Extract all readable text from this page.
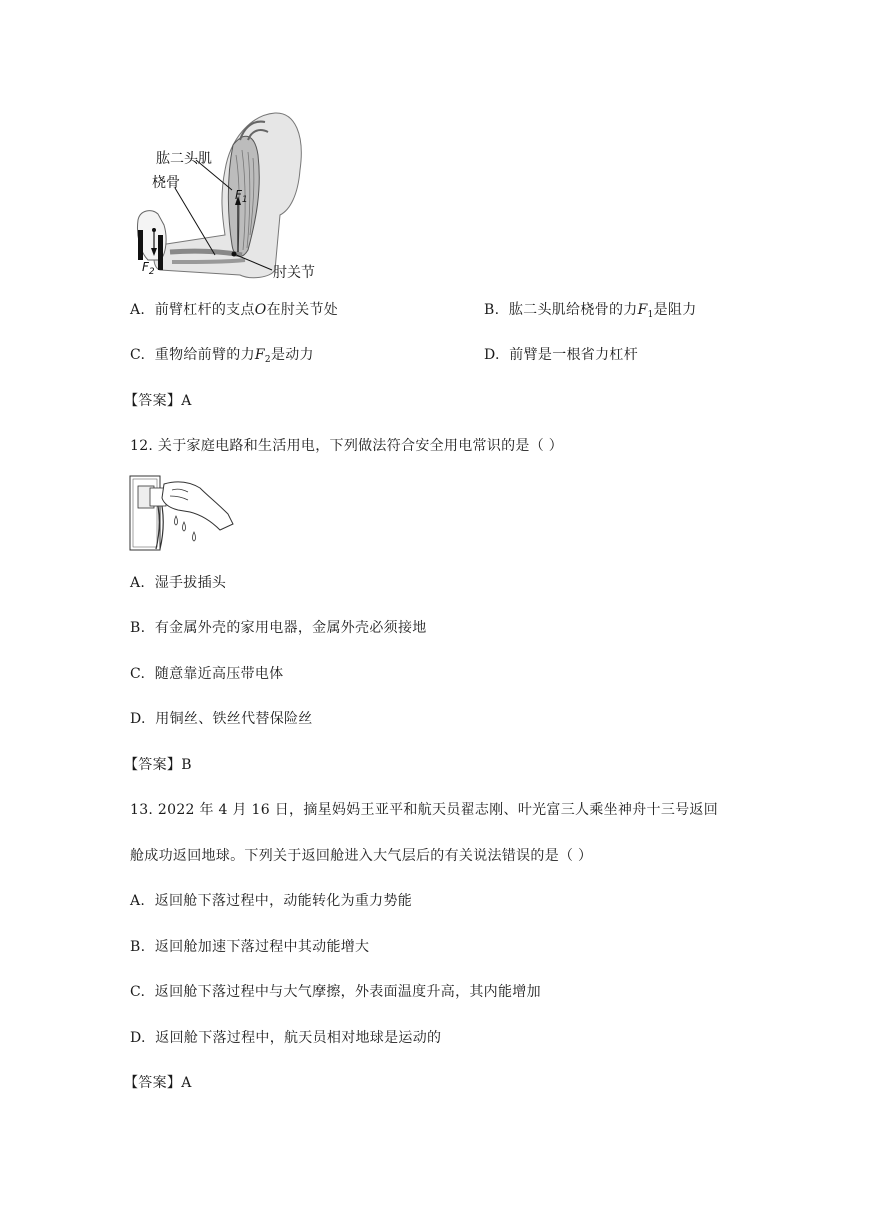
肱二头肌
桡骨
肘关节
$F_1$
$F_2$
A. 前臂杠杆的支点O在肘关节处	B. 肱二头肌给桡骨的力$F_1$是阻力
C. 重物给前臂的力$F_2$是动力	D. 前臂是一根省力杠杆
【答案】A
12. 关于家庭电路和生活用电，下列做法符合安全用电常识的是（ ）
A. 湿手拔插头
B. 有金属外壳的家用电器，金属外壳必须接地
C. 随意靠近高压带电体
D. 用铜丝、铁丝代替保险丝
【答案】B
13. 2022 年 4 月 16 日，摘星妈妈王亚平和航天员翟志刚、叶光富三人乘坐神舟十三号返回
舱成功返回地球。下列关于返回舱进入大气层后的有关说法错误的是（ ）
A. 返回舱下落过程中，动能转化为重力势能
B. 返回舱加速下落过程中其动能增大
C. 返回舱下落过程中与大气摩擦，外表面温度升高，其内能增加
D. 返回舱下落过程中，航天员相对地球是运动的
【答案】A
